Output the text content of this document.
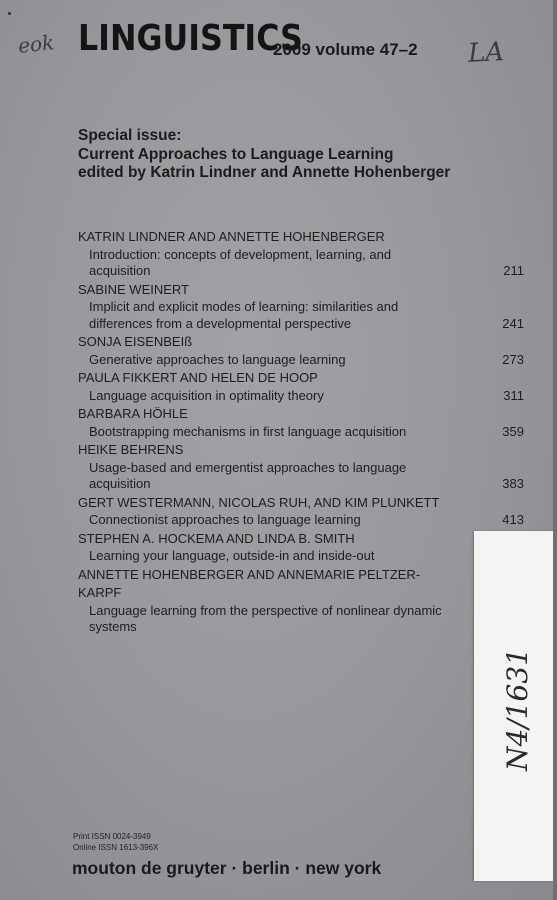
eok LINGUISTICS
2009 volume 47–2 LA
Special issue:
Current Approaches to Language Learning
edited by Katrin Lindner and Annette Hohenberger
KATRIN LINDNER AND ANNETTE HOHENBERGER
Introduction: concepts of development, learning, and
acquisition	211
SABINE WEINERT
Implicit and explicit modes of learning: similarities and
differences from a developmental perspective	241
SONJA EISENBEIß
Generative approaches to language learning	273
PAULA FIKKERT AND HELEN DE HOOP
Language acquisition in optimality theory	311
BARBARA HÖHLE
Bootstrapping mechanisms in first language acquisition	359
HEIKE BEHRENS
Usage-based and emergentist approaches to language
acquisition	383
GERT WESTERMANN, NICOLAS RUH, AND KIM PLUNKETT
Connectionist approaches to language learning	413
STEPHEN A. HOCKEMA AND LINDA B. SMITH
Learning your language, outside-in and inside-out
ANNETTE HOHENBERGER AND ANNEMARIE PELTZER-
KARPF
Language learning from the perspective of nonlinear dynamic
systems
N4/1631
Print ISSN 0024-3949
Online ISSN 1613-396X
mouton de gruyter · berlin · new york
